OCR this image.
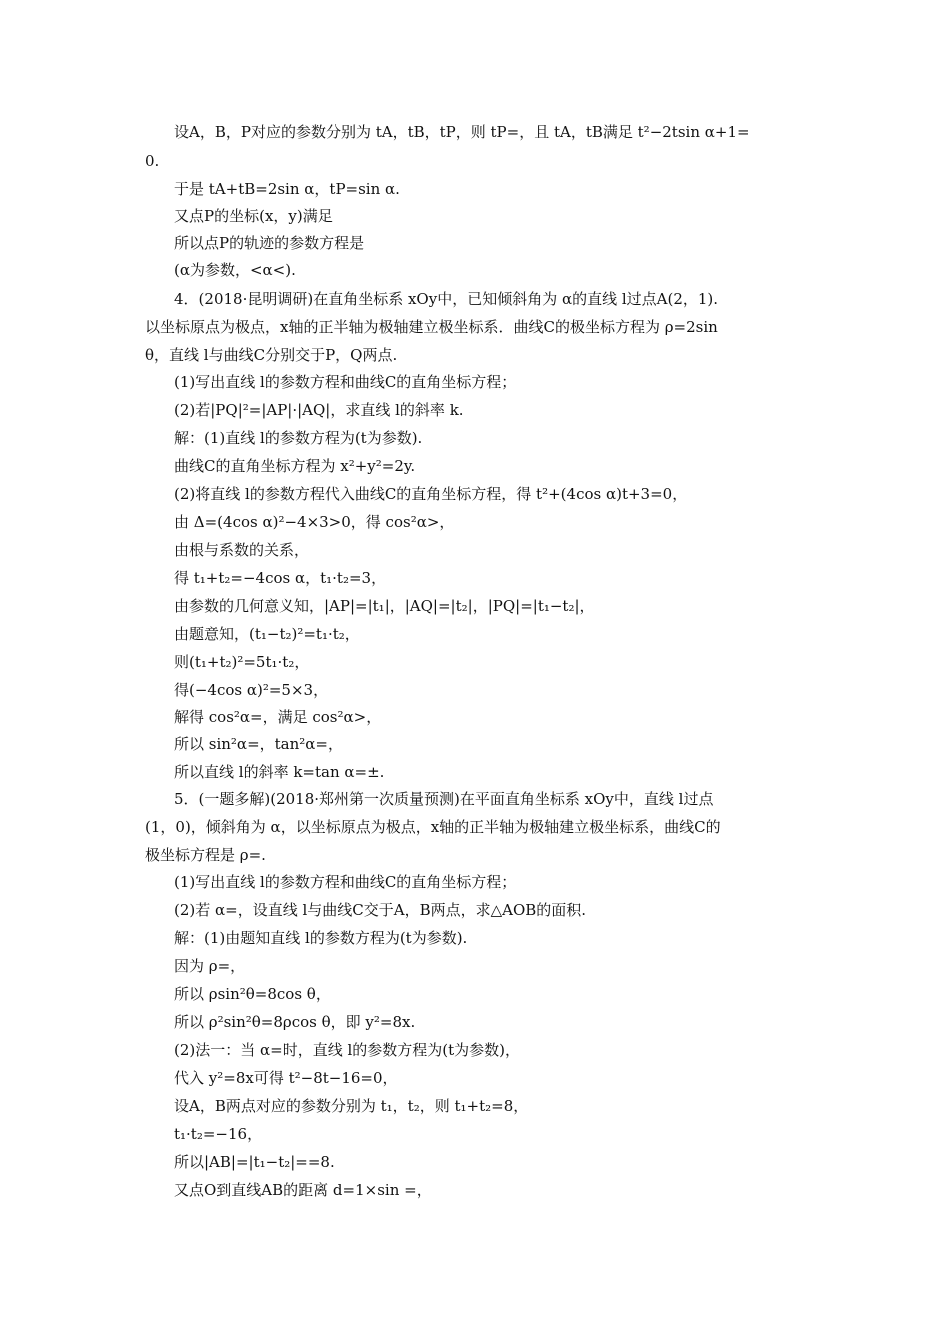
设A，B，P对应的参数分别为 tA，tB，tP，则 tP=，且 tA，tB满足 t²−2tsin α+1=
0.
于是 tA+tB=2sin α，tP=sin α.
又点P的坐标(x，y)满足
所以点P的轨迹的参数方程是
(α为参数，<α<).
4．(2018·昆明调研)在直角坐标系 xOy中，已知倾斜角为 α的直线 l过点A(2，1).
以坐标原点为极点，x轴的正半轴为极轴建立极坐标系．曲线C的极坐标方程为 ρ=2sin
θ，直线 l与曲线C分别交于P，Q两点.
(1)写出直线 l的参数方程和曲线C的直角坐标方程；
(2)若|PQ|²=|AP|·|AQ|，求直线 l的斜率 k.
解：(1)直线 l的参数方程为(t为参数).
曲线C的直角坐标方程为 x²+y²=2y.
(2)将直线 l的参数方程代入曲线C的直角坐标方程，得 t²+(4cos α)t+3=0，
由 Δ=(4cos α)²−4×3>0，得 cos²α>，
由根与系数的关系，
得 t₁+t₂=−4cos α，t₁·t₂=3，
由参数的几何意义知，|AP|=|t₁|，|AQ|=|t₂|，|PQ|=|t₁−t₂|，
由题意知，(t₁−t₂)²=t₁·t₂，
则(t₁+t₂)²=5t₁·t₂，
得(−4cos α)²=5×3，
解得 cos²α=，满足 cos²α>，
所以 sin²α=，tan²α=，
所以直线 l的斜率 k=tan α=±.
5．(一题多解)(2018·郑州第一次质量预测)在平面直角坐标系 xOy中，直线 l过点
(1，0)，倾斜角为 α，以坐标原点为极点，x轴的正半轴为极轴建立极坐标系，曲线C的
极坐标方程是 ρ=.
(1)写出直线 l的参数方程和曲线C的直角坐标方程；
(2)若 α=，设直线 l与曲线C交于A，B两点，求△AOB的面积.
解：(1)由题知直线 l的参数方程为(t为参数).
因为 ρ=，
所以 ρsin²θ=8cos θ，
所以 ρ²sin²θ=8ρcos θ，即 y²=8x.
(2)法一：当 α=时，直线 l的参数方程为(t为参数)，
代入 y²=8x可得 t²−8t−16=0，
设A，B两点对应的参数分别为 t₁，t₂，则 t₁+t₂=8，
t₁·t₂=−16，
所以|AB|=|t₁−t₂|==8.
又点O到直线AB的距离 d=1×sin =，
